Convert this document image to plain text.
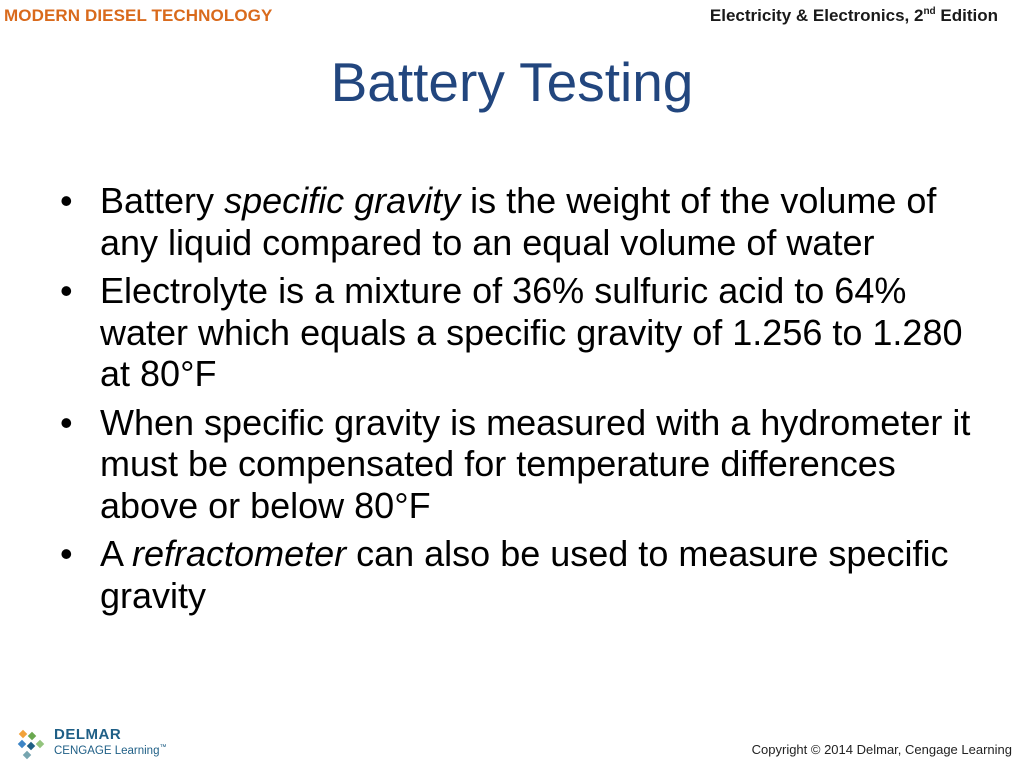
MODERN DIESEL TECHNOLOGY	Electricity & Electronics, 2nd Edition
Battery Testing
• Battery specific gravity is the weight of the volume of any liquid compared to an equal volume of water
• Electrolyte is a mixture of 36% sulfuric acid to 64% water which equals a specific gravity of 1.256 to 1.280 at 80°F
• When specific gravity is measured with a hydrometer it must be compensated for temperature differences above or below 80°F
• A refractometer can also be used to measure specific gravity
DELMAR
CENGAGE Learning™	Copyright © 2014 Delmar, Cengage Learning
